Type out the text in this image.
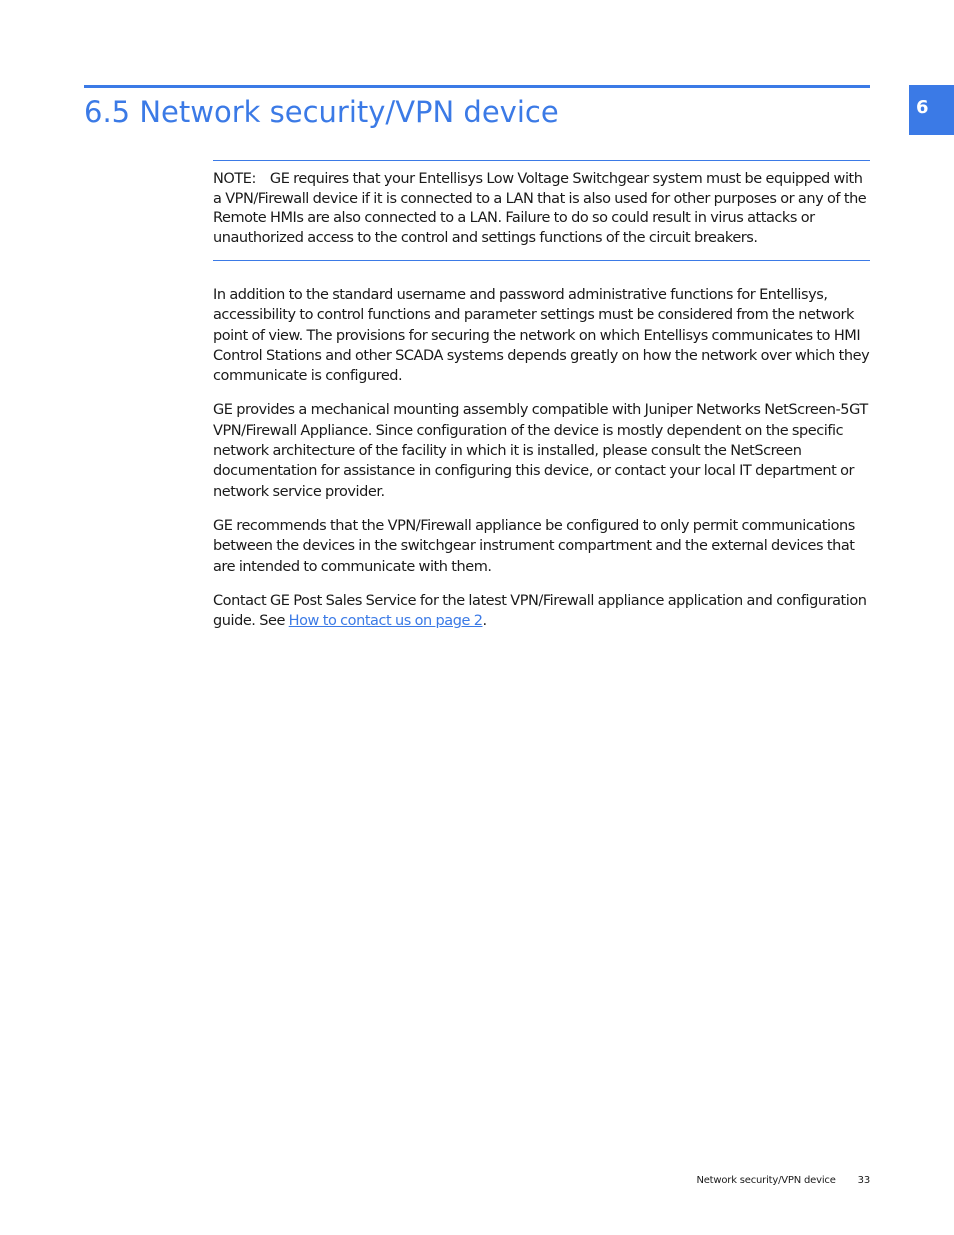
6
6.5 Network security/VPN device
NOTE: GE requires that your Entellisys Low Voltage Switchgear system must be equipped with a VPN/Firewall device if it is connected to a LAN that is also used for other purposes or any of the Remote HMIs are also connected to a LAN. Failure to do so could result in virus attacks or unauthorized access to the control and settings functions of the circuit breakers.

In addition to the standard username and password administrative functions for Entellisys, accessibility to control functions and parameter settings must be considered from the network point of view. The provisions for securing the network on which Entellisys communicates to HMI Control Stations and other SCADA systems depends greatly on how the network over which they communicate is configured.

GE provides a mechanical mounting assembly compatible with Juniper Networks NetScreen-5GT VPN/Firewall Appliance. Since configuration of the device is mostly dependent on the specific network architecture of the facility in which it is installed, please consult the NetScreen documentation for assistance in configuring this device, or contact your local IT department or network service provider.

GE recommends that the VPN/Firewall appliance be configured to only permit communications between the devices in the switchgear instrument compartment and the external devices that are intended to communicate with them.

Contact GE Post Sales Service for the latest VPN/Firewall appliance application and configuration guide. See How to contact us on page 2.

Network security/VPN device 33
